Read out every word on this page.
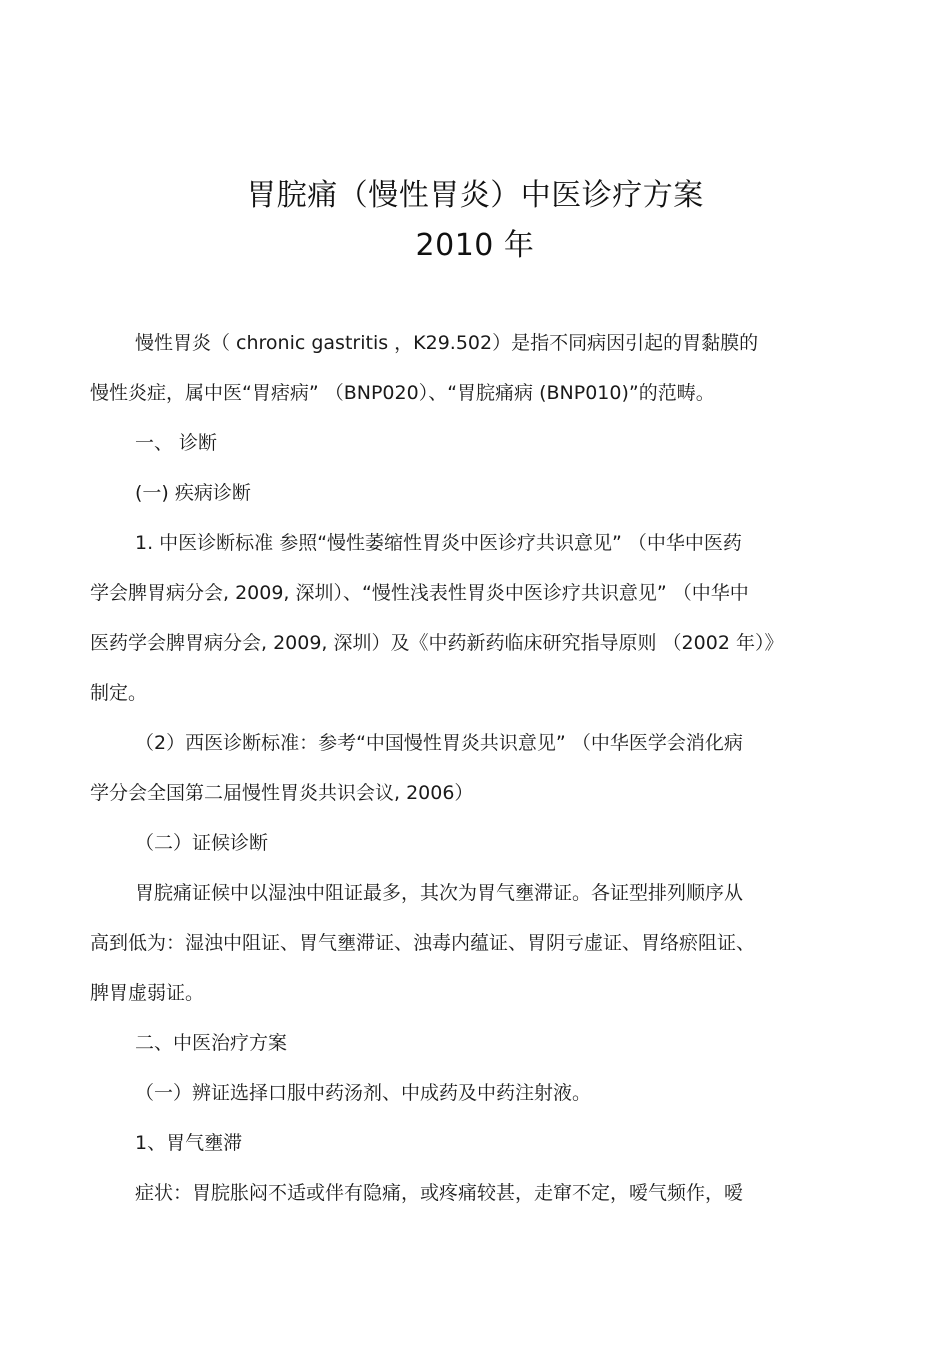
胃脘痛（慢性胃炎）中医诊疗方案
2010 年
慢性胃炎（ chronic gastritis ，K29.502）是指不同病因引起的胃黏膜的
慢性炎症，属中医“胃痞病” （BNP020）、“胃脘痛病 (BNP010)”的范畴。
一、 诊断
(一) 疾病诊断
1. 中医诊断标准 参照“慢性萎缩性胃炎中医诊疗共识意见” （中华中医药
学会脾胃病分会, 2009, 深圳）、“慢性浅表性胃炎中医诊疗共识意见” （中华中
医药学会脾胃病分会, 2009, 深圳）及《中药新药临床研究指导原则 （2002 年）》
制定。
（2）西医诊断标准：参考“中国慢性胃炎共识意见” （中华医学会消化病
学分会全国第二届慢性胃炎共识会议, 2006）
（二）证候诊断
胃脘痛证候中以湿浊中阻证最多，其次为胃气壅滞证。各证型排列顺序从
高到低为：湿浊中阻证、胃气壅滞证、浊毒内蕴证、胃阴亏虚证、胃络瘀阻证、
脾胃虚弱证。
二、中医治疗方案
（一）辨证选择口服中药汤剂、中成药及中药注射液。
1、胃气壅滞
症状：胃脘胀闷不适或伴有隐痛，或疼痛较甚，走窜不定，嗳气频作，嗳
